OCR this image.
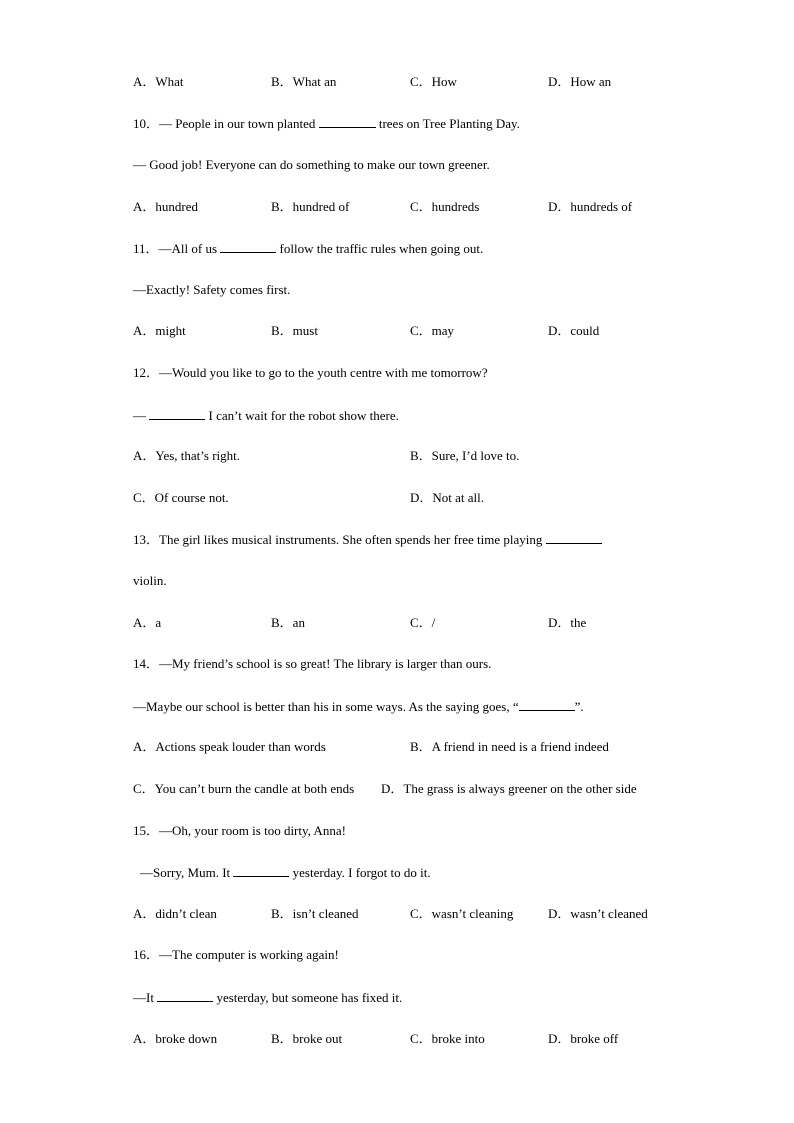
A．What	B．What an	C．How	D．How an
10．— People in our town planted	trees on Tree Planting Day.
— Good job! Everyone can do something to make our town greener.
A．hundred	B．hundred of	C．hundreds	D．hundreds of
11．—All of us	follow the traffic rules when going out.
—Exactly! Safety comes first.
A．might	B．must	C．may	D．could
12．—Would you like to go to the youth centre with me tomorrow?
—	I can’t wait for the robot show there.
A．Yes, that’s right.	B．Sure, I’d love to.
C．Of course not.	D．Not at all.
13．The girl likes musical instruments. She often spends her free time playing
violin.
A．a	B．an	C．/	D．the
14．—My friend’s school is so great! The library is larger than ours.
—Maybe our school is better than his in some ways. As the saying goes, “	”.
A．Actions speak louder than words	B．A friend in need is a friend indeed
C．You can’t burn the candle at both ends D．The grass is always greener on the other side
15．—Oh, your room is too dirty, Anna!
—Sorry, Mum. It	yesterday. I forgot to do it.
A．didn’t clean	B．isn’t cleaned	C．wasn’t cleaning	D．wasn’t cleaned
16．—The computer is working again!
—It	yesterday, but someone has fixed it.
A．broke down	B．broke out	C．broke into	D．broke off
